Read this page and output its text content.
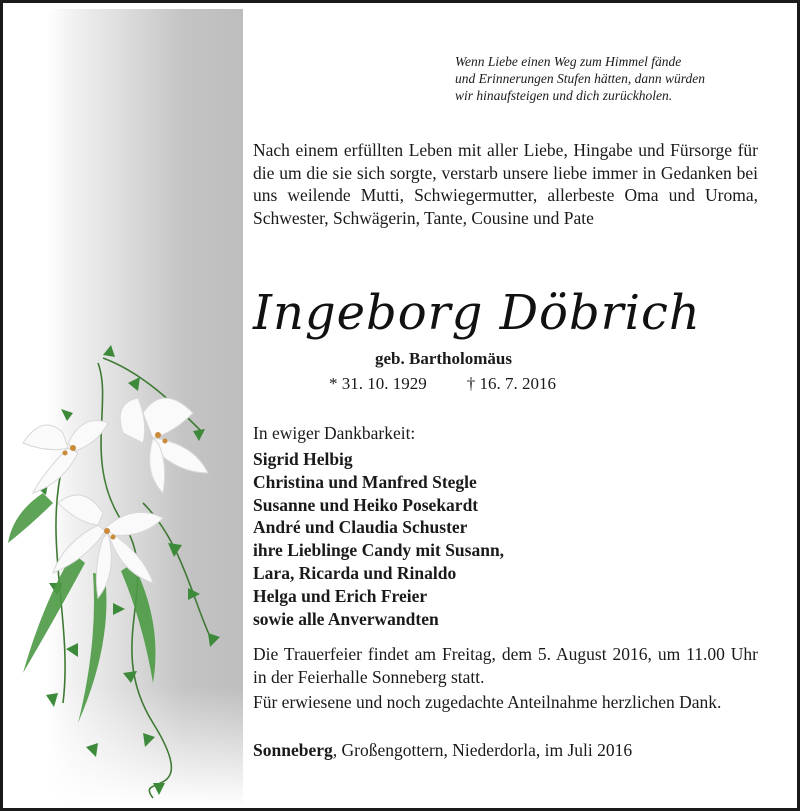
Wenn Liebe einen Weg zum Himmel fände
und Erinnerungen Stufen hätten, dann würden
wir hinaufsteigen und dich zurückholen.
Nach einem erfüllten Leben mit aller Liebe, Hingabe und Fürsorge für die um die sie sich sorgte, verstarb unsere liebe immer in Gedanken bei uns weilende Mutti, Schwiegermutter, allerbeste Oma und Uroma, Schwester, Schwägerin, Tante, Cousine und Pate
Ingeborg Döbrich
geb. Bartholomäus
* 31. 10. 1929 † 16. 7. 2016
In ewiger Dankbarkeit:
Sigrid Helbig
Christina und Manfred Stegle
Susanne und Heiko Posekardt
André und Claudia Schuster
ihre Lieblinge Candy mit Susann,
Lara, Ricarda und Rinaldo
Helga und Erich Freier
sowie alle Anverwandten
Die Trauerfeier findet am Freitag, dem 5. August 2016, um 11.00 Uhr in der Feierhalle Sonneberg statt.
Für erwiesene und noch zugedachte Anteilnahme herzlichen Dank.
Sonneberg, Großengottern, Niederdorla, im Juli 2016
